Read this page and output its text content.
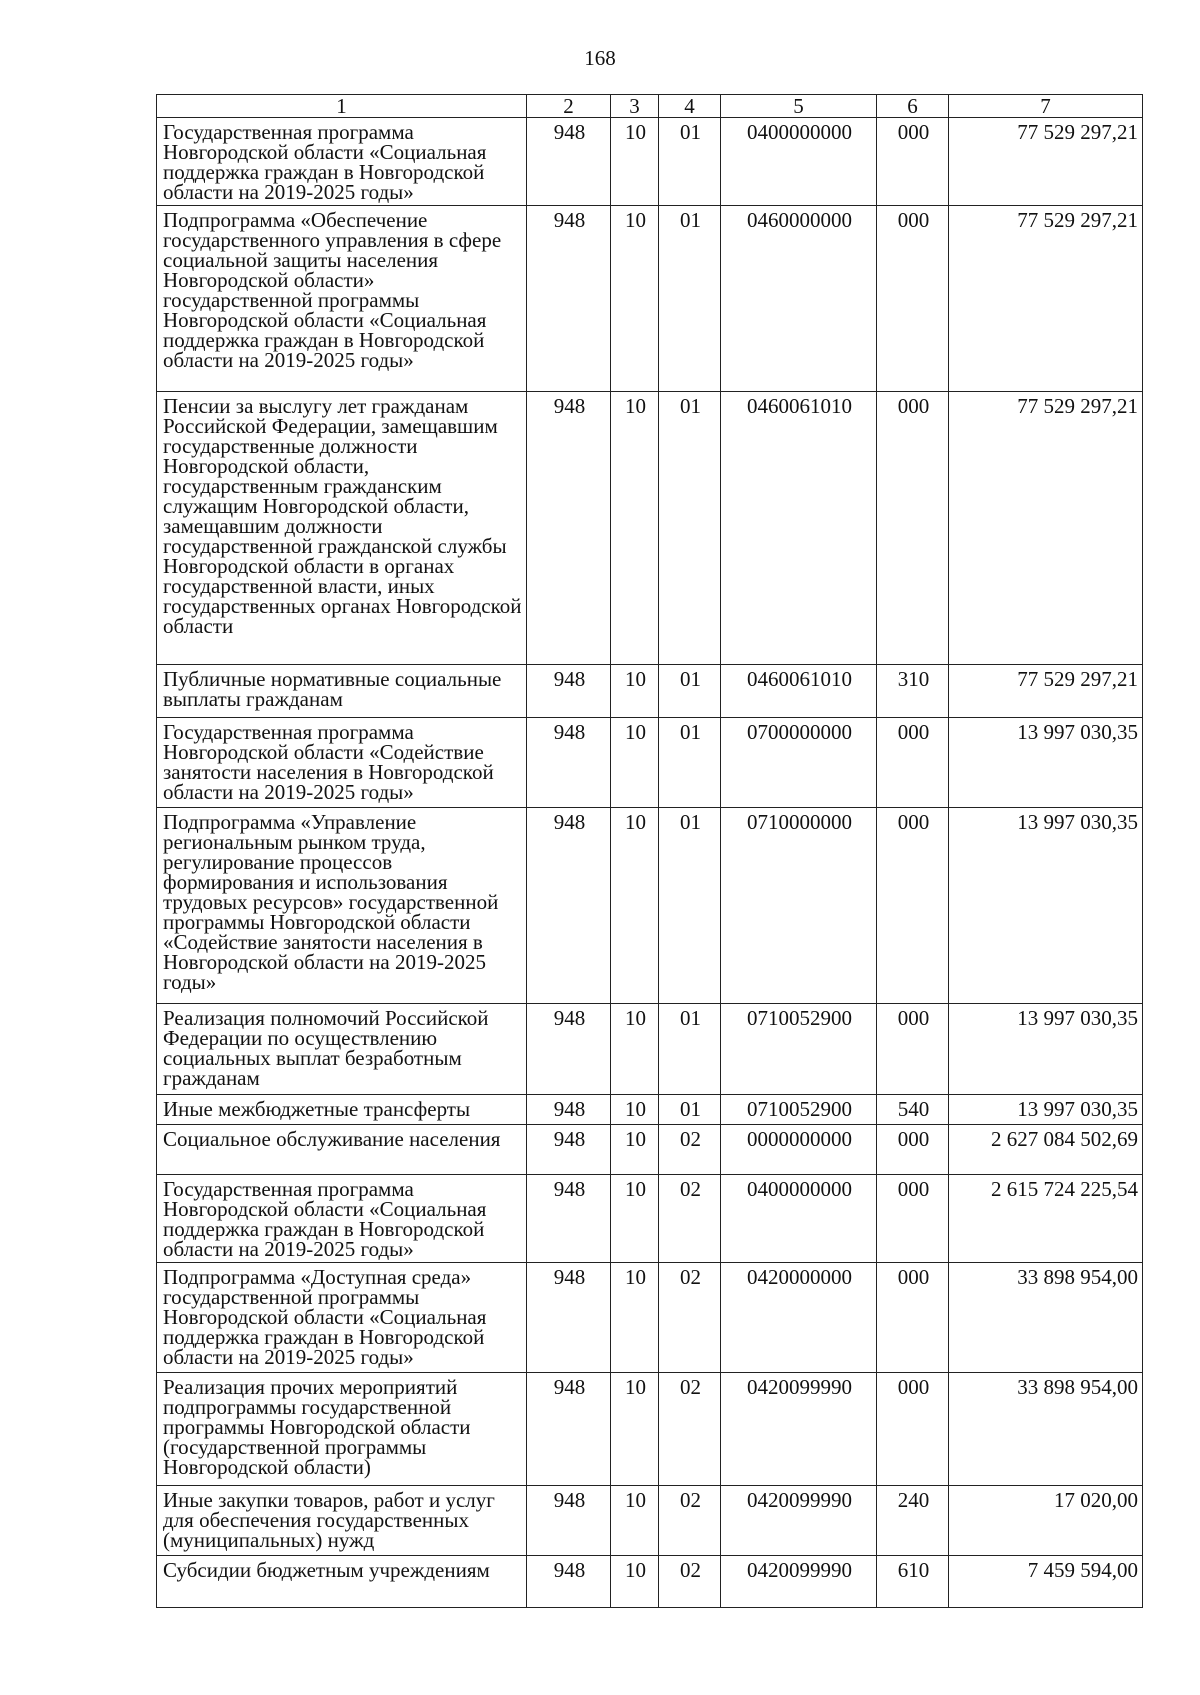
168
1	2	3	4	5	6	7
Государственная программа Новгородской области «Социальная поддержка граждан в Новгородской области на 2019-2025 годы»	948	10	01	0400000000	000	77 529 297,21
Подпрограмма «Обеспечение государственного управления в сфере социальной защиты населения Новгородской области» государственной программы Новгородской области «Социальная поддержка граждан в Новгородской области на 2019-2025 годы»	948	10	01	0460000000	000	77 529 297,21
Пенсии за выслугу лет гражданам Российской Федерации, замещавшим государственные должности Новгородской области, государственным гражданским служащим Новгородской области, замещавшим должности государственной гражданской службы Новгородской области в органах государственной власти, иных государственных органах Новгородской области	948	10	01	0460061010	000	77 529 297,21
Публичные нормативные социальные выплаты гражданам	948	10	01	0460061010	310	77 529 297,21
Государственная программа Новгородской области «Содействие занятости населения в Новгородской области на 2019-2025 годы»	948	10	01	0700000000	000	13 997 030,35
Подпрограмма «Управление региональным рынком труда, регулирование процессов формирования и использования трудовых ресурсов» государственной программы Новгородской области «Содействие занятости населения в Новгородской области на 2019-2025 годы»	948	10	01	0710000000	000	13 997 030,35
Реализация полномочий Российской Федерации по осуществлению социальных выплат безработным гражданам	948	10	01	0710052900	000	13 997 030,35
Иные межбюджетные трансферты	948	10	01	0710052900	540	13 997 030,35
Социальное обслуживание населения	948	10	02	0000000000	000	2 627 084 502,69
Государственная программа Новгородской области «Социальная поддержка граждан в Новгородской области на 2019-2025 годы»	948	10	02	0400000000	000	2 615 724 225,54
Подпрограмма «Доступная среда» государственной программы Новгородской области «Социальная поддержка граждан в Новгородской области на 2019-2025 годы»	948	10	02	0420000000	000	33 898 954,00
Реализация прочих мероприятий подпрограммы государственной программы Новгородской области (государственной программы Новгородской области)	948	10	02	0420099990	000	33 898 954,00
Иные закупки товаров, работ и услуг для обеспечения государственных (муниципальных) нужд	948	10	02	0420099990	240	17 020,00
Субсидии бюджетным учреждениям	948	10	02	0420099990	610	7 459 594,00
